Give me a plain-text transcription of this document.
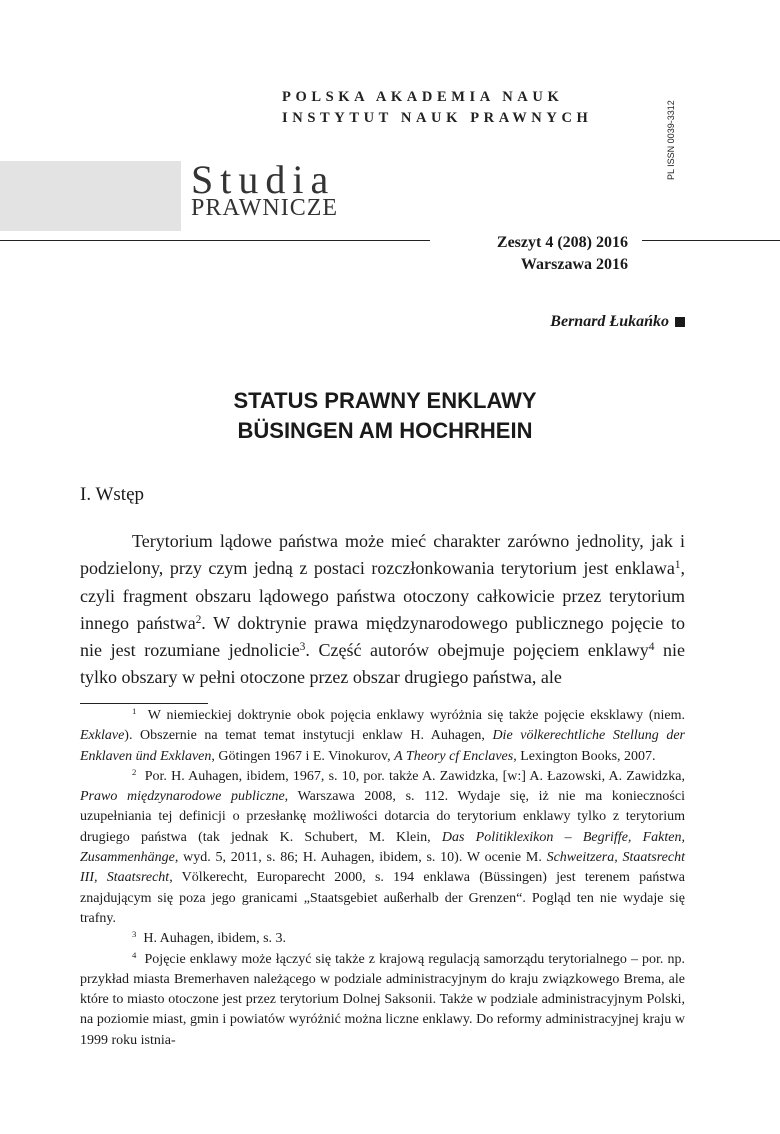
POLSKA AKADEMIA NAUK
INSTYTUT NAUK PRAWNYCH
Studia
PRAWNICZE
PL ISSN 0039-3312
Zeszyt 4 (208) 2016
Warszawa 2016
Bernard Łukańko
STATUS PRAWNY ENKLAWY
BÜSINGEN AM HOCHRHEIN
I. Wstęp

Terytorium lądowe państwa może mieć charakter zarówno jednolity, jak i podzielony, przy czym jedną z postaci rozczłonkowania terytorium jest enklawa$^1$, czyli fragment obszaru lądowego państwa otoczony całkowicie przez terytorium innego państwa$^2$. W doktrynie prawa międzynarodowego publicznego pojęcie to nie jest rozumiane jednolicie$^3$. Część autorów obejmuje pojęciem enklawy$^4$ nie tylko obszary w pełni otoczone przez obszar drugiego państwa, ale

$^1$ W niemieckiej doktrynie obok pojęcia enklawy wyróżnia się także pojęcie eksklawy (niem. Exklave). Obszernie na temat temat instytucji enklaw H. Auhagen, Die völkerechtliche Stellung der Enklaven ünd Exklaven, Götingen 1967 i E. Vinokurov, A Theory cf Enclaves, Lexington Books, 2007.

$^2$ Por. H. Auhagen, ibidem, 1967, s. 10, por. także A. Zawidzka, [w:] A. Łazowski, A. Zawidzka, Prawo międzynarodowe publiczne, Warszawa 2008, s. 112. Wydaje się, iż nie ma konieczności uzupełniania tej definicji o przesłankę możliwości dotarcia do terytorium enklawy tylko z terytorium drugiego państwa (tak jednak K. Schubert, M. Klein, Das Politiklexikon – Begriffe, Fakten, Zusammenhänge, wyd. 5, 2011, s. 86; H. Auhagen, ibidem, s. 10). W ocenie M. Schweitzera, Staatsrecht III, Staatsrecht, Völkerecht, Europarecht 2000, s. 194 enklawa (Büssingen) jest terenem państwa znajdującym się poza jego granicami „Staatsgebiet außerhalb der Grenzen“. Pogląd ten nie wydaje się trafny.

$^3$ H. Auhagen, ibidem, s. 3.

$^4$ Pojęcie enklawy może łączyć się także z krajową regulacją samorządu terytorialnego – por. np. przykład miasta Bremerhaven należącego w podziale administracyjnym do kraju związkowego Brema, ale które to miasto otoczone jest przez terytorium Dolnej Saksonii. Także w podziale administracyjnym Polski, na poziomie miast, gmin i powiatów wyróżnić można liczne enklawy. Do reformy administracyjnej kraju w 1999 roku istnia-
